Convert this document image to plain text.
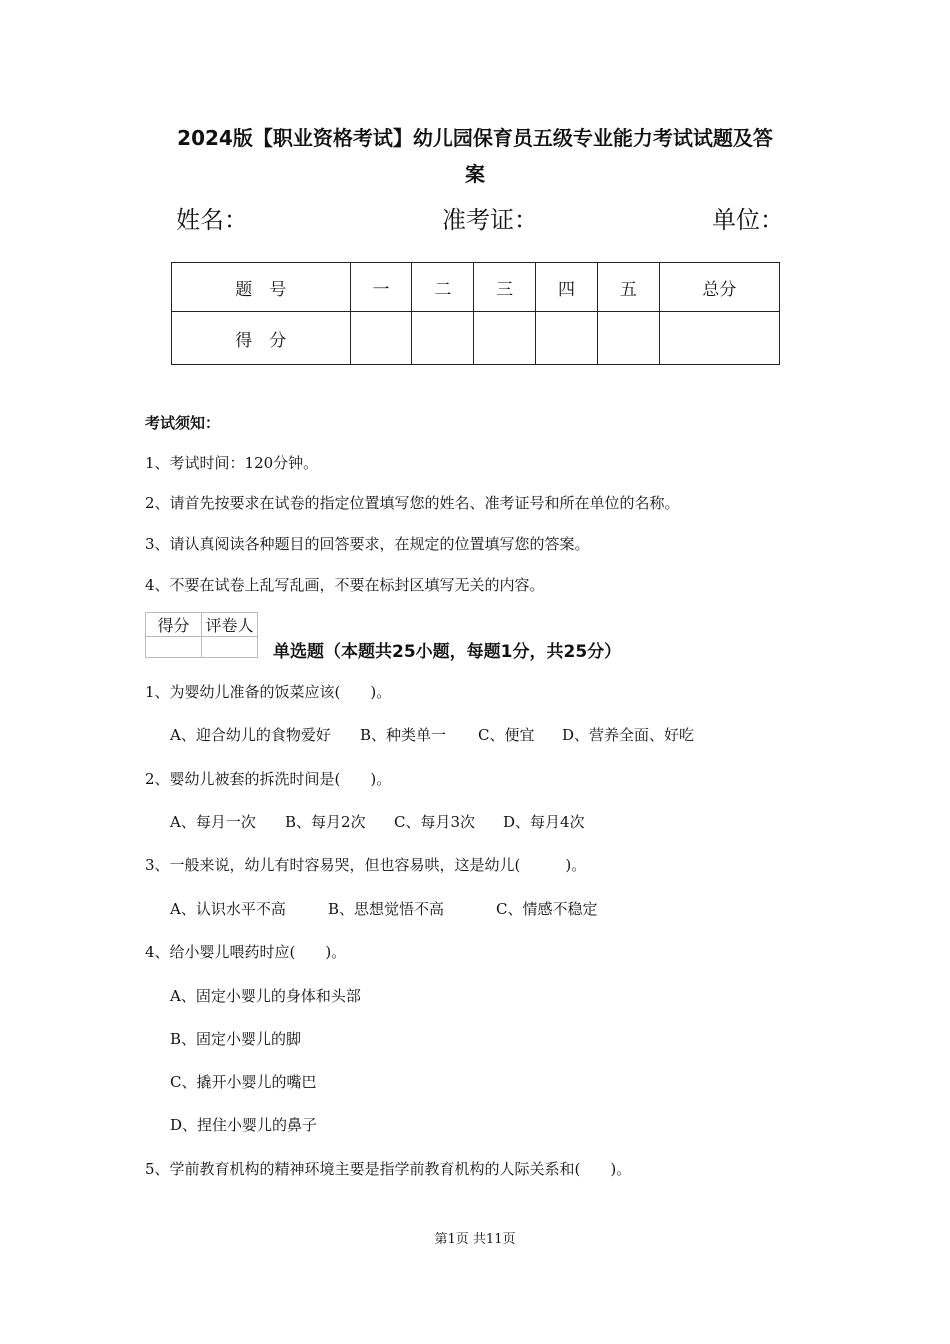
2024版【职业资格考试】幼儿园保育员五级专业能力考试试题及答
案
姓名：	准考证：	单位：
题　号	一	二	三	四	五	总分
得　分						
考试须知：
1、考试时间：120分钟。
2、请首先按要求在试卷的指定位置填写您的姓名、准考证号和所在单位的名称。
3、请认真阅读各种题目的回答要求，在规定的位置填写您的答案。
4、不要在试卷上乱写乱画，不要在标封区填写无关的内容。
得分	评卷人

单选题（本题共25小题，每题1分，共25分）
1、为婴幼儿准备的饭菜应该(　　)。
A、迎合幼儿的食物爱好 B、种类单一 C、便宜 D、营养全面、好吃
2、婴幼儿被套的拆洗时间是(　　)。
A、每月一次 B、每月2次 C、每月3次 D、每月4次
3、一般来说，幼儿有时容易哭，但也容易哄，这是幼儿(　　　)。
A、认识水平不高	B、思想觉悟不高	C、情感不稳定
4、给小婴儿喂药时应(　　)。
A、固定小婴儿的身体和头部
B、固定小婴儿的脚
C、撬开小婴儿的嘴巴
D、捏住小婴儿的鼻子
5、学前教育机构的精神环境主要是指学前教育机构的人际关系和(　　)。
第1页 共11页
